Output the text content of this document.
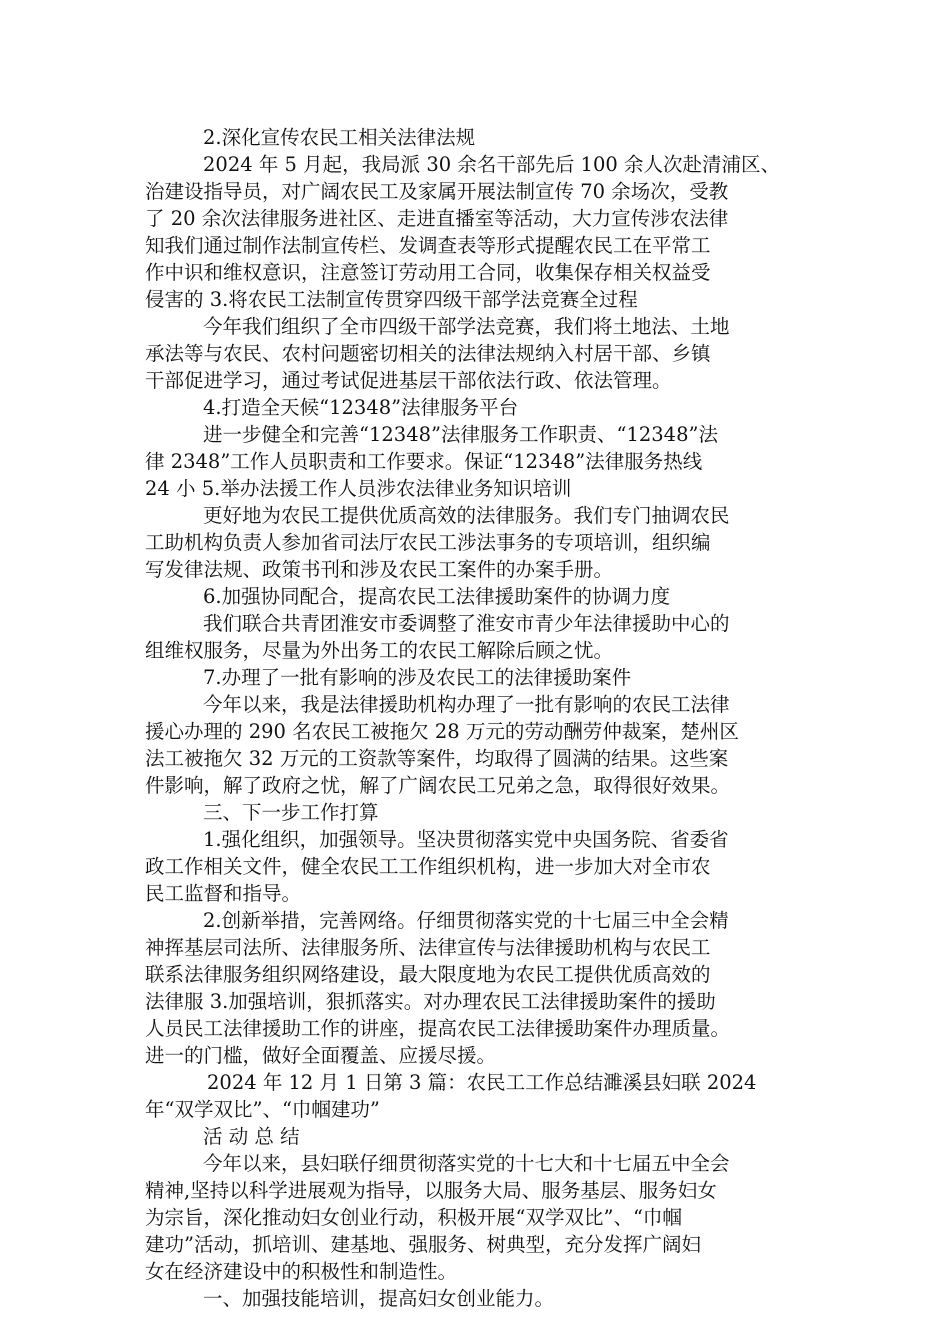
2.深化宣传农民工相关法律法规
2024 年 5 月起，我局派 30 余名干部先后 100 余人次赴清浦区、
治建设指导员，对广阔农民工及家属开展法制宣传 70 余场次，受教
了 20 余次法律服务进社区、走进直播室等活动，大力宣传涉农法律
知我们通过制作法制宣传栏、发调查表等形式提醒农民工在平常工
作中识和维权意识，注意签订劳动用工合同，收集保存相关权益受
侵害的 3.将农民工法制宣传贯穿四级干部学法竞赛全过程
今年我们组织了全市四级干部学法竞赛，我们将土地法、土地
承法等与农民、农村问题密切相关的法律法规纳入村居干部、乡镇
干部促进学习，通过考试促进基层干部依法行政、依法管理。
4.打造全天候“12348”法律服务平台
进一步健全和完善“12348”法律服务工作职责、“12348”法
律 2348”工作人员职责和工作要求。保证“12348”法律服务热线
24 小 5.举办法援工作人员涉农法律业务知识培训
更好地为农民工提供优质高效的法律服务。我们专门抽调农民
工助机构负责人参加省司法厅农民工涉法事务的专项培训，组织编
写发律法规、政策书刊和涉及农民工案件的办案手册。
6.加强协同配合，提高农民工法律援助案件的协调力度
我们联合共青团淮安市委调整了淮安市青少年法律援助中心的
组维权服务，尽量为外出务工的农民工解除后顾之忧。
7.办理了一批有影响的涉及农民工的法律援助案件
今年以来，我是法律援助机构办理了一批有影响的农民工法律
援心办理的 290 名农民工被拖欠 28 万元的劳动酬劳仲裁案，楚州区
法工被拖欠 32 万元的工资款等案件，均取得了圆满的结果。这些案
件影响，解了政府之忧，解了广阔农民工兄弟之急，取得很好效果。
三、下一步工作打算
1.强化组织，加强领导。坚决贯彻落实党中央国务院、省委省
政工作相关文件，健全农民工工作组织机构，进一步加大对全市农
民工监督和指导。
2.创新举措，完善网络。仔细贯彻落实党的十七届三中全会精
神挥基层司法所、法律服务所、法律宣传与法律援助机构与农民工
联系法律服务组织网络建设，最大限度地为农民工提供优质高效的
法律服 3.加强培训，狠抓落实。对办理农民工法律援助案件的援助
人员民工法律援助工作的讲座，提高农民工法律援助案件办理质量。
进一的门槛，做好全面覆盖、应援尽援。
2024 年 12 月 1 日第 3 篇：农民工工作总结濉溪县妇联 2024
年“双学双比”、“巾帼建功”
活 动 总 结
今年以来，县妇联仔细贯彻落实党的十七大和十七届五中全会
精神,坚持以科学进展观为指导，以服务大局、服务基层、服务妇女
为宗旨，深化推动妇女创业行动，积极开展“双学双比”、“巾帼
建功”活动，抓培训、建基地、强服务、树典型，充分发挥广阔妇
女在经济建设中的积极性和制造性。
一、加强技能培训，提高妇女创业能力。
